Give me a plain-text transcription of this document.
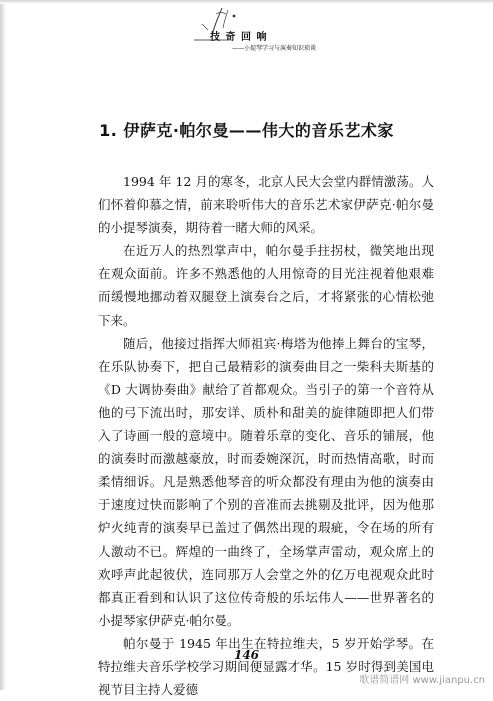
技 奇 回 响
——小提琴学习与演奏知识琐谈
1. 伊萨克·帕尔曼——伟大的音乐艺术家

1994 年 12 月的寒冬，北京人民大会堂内群情激荡。人们怀着仰慕之情，前来聆听伟大的音乐艺术家伊萨克·帕尔曼的小提琴演奏，期待着一睹大师的风采。

在近万人的热烈掌声中，帕尔曼手拄拐杖，微笑地出现在观众面前。许多不熟悉他的人用惊奇的目光注视着他艰难而缓慢地挪动着双腿登上演奏台之后，才将紧张的心情松弛下来。

随后，他接过指挥大师祖宾·梅塔为他捧上舞台的宝琴，在乐队协奏下，把自己最精彩的演奏曲目之一柴科夫斯基的《D 大调协奏曲》献给了首都观众。当引子的第一个音符从他的弓下流出时，那安详、质朴和甜美的旋律随即把人们带入了诗画一般的意境中。随着乐章的变化、音乐的铺展，他的演奏时而激越豪放，时而委婉深沉，时而热情高歌，时而柔情细诉。凡是熟悉他琴音的听众都没有理由为他的演奏由于速度过快而影响了个别的音准而去挑剔及批评，因为他那炉火纯青的演奏早已盖过了偶然出现的瑕疵，令在场的所有人激动不已。辉煌的一曲终了，全场掌声雷动，观众席上的欢呼声此起彼伏，连同那万人会堂之外的亿万电视观众此时都真正看到和认识了这位传奇般的乐坛伟人——世界著名的小提琴家伊萨克·帕尔曼。

帕尔曼于 1945 年出生在特拉维夫，5 岁开始学琴。在特拉维夫音乐学校学习期间便显露才华。15 岁时得到美国电视节目主持人爱德

146
歌谱简谱网 www.jianpu.cn
